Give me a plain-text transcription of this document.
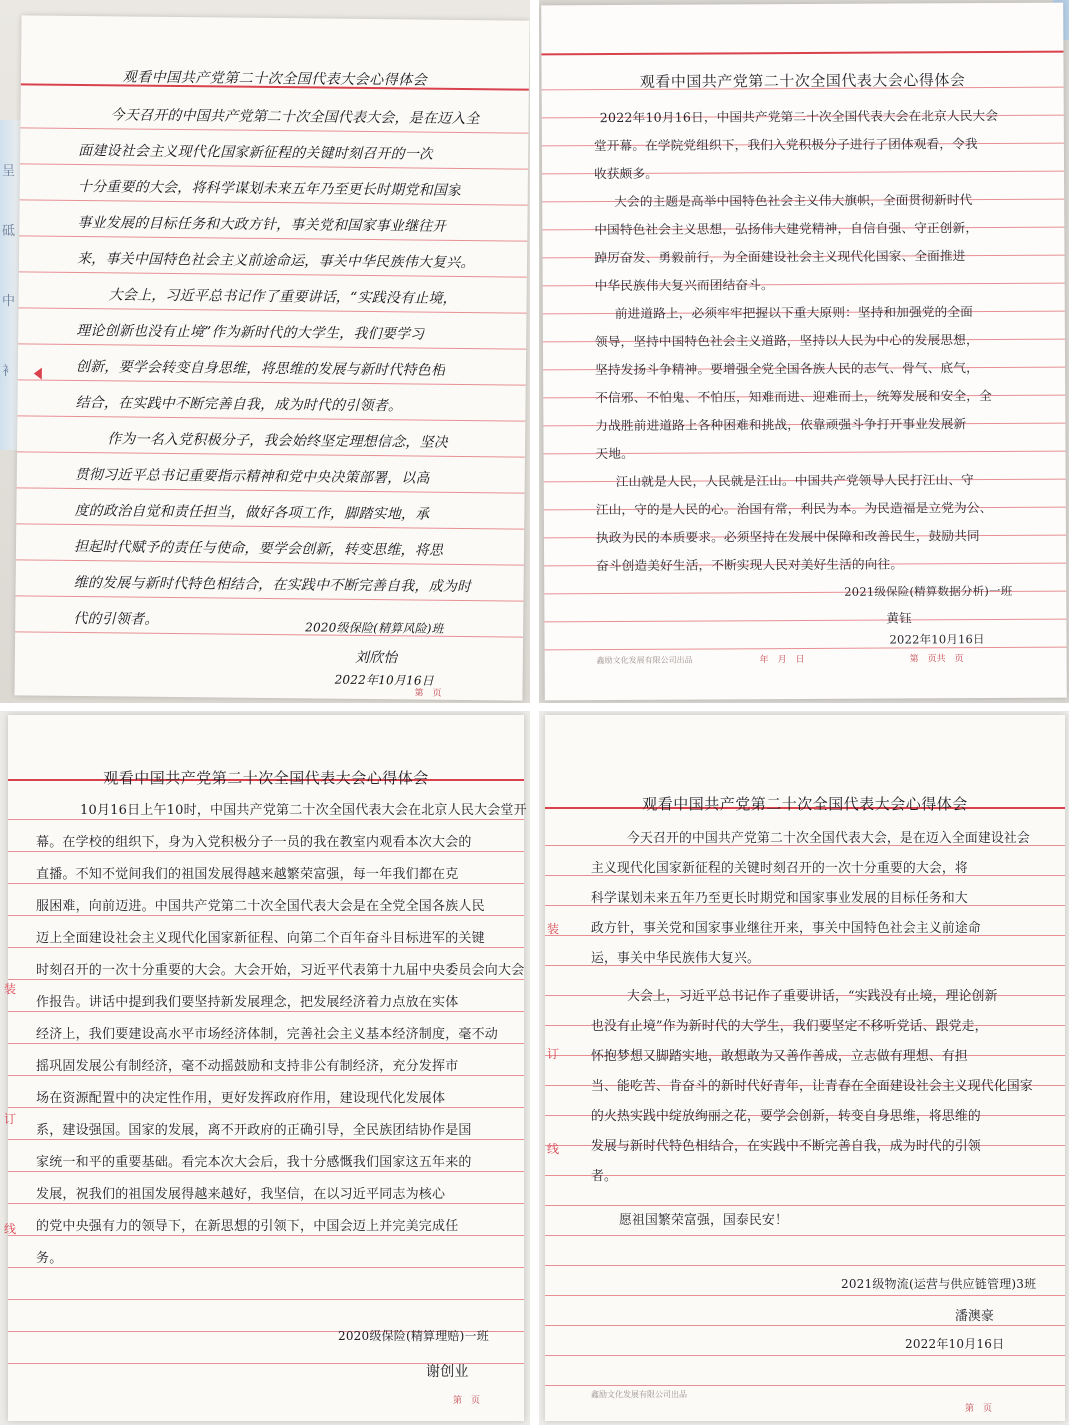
呈
砥
中
衤
观看中国共产党第二十次全国代表大会心得体会
今天召开的中国共产党第二十次全国代表大会，是在迈入全
面建设社会主义现代化国家新征程的关键时刻召开的一次
十分重要的大会，将科学谋划未来五年乃至更长时期党和国家
事业发展的目标任务和大政方针，事关党和国家事业继往开
来，事关中国特色社会主义前途命运，事关中华民族伟大复兴。
大会上，习近平总书记作了重要讲话，“实践没有止境，
理论创新也没有止境”作为新时代的大学生，我们要学习
创新，要学会转变自身思维，将思维的发展与新时代特色相
结合，在实践中不断完善自我，成为时代的引领者。
作为一名入党积极分子，我会始终坚定理想信念，坚决
贯彻习近平总书记重要指示精神和党中央决策部署，以高
度的政治自觉和责任担当，做好各项工作，脚踏实地，承
担起时代赋予的责任与使命，要学会创新，转变思维，将思
维的发展与新时代特色相结合，在实践中不断完善自我，成为时
代的引领者。
2020级保险(精算风险)班
刘欣怡
2022年10月16日
第　页
观看中国共产党第二十次全国代表大会心得体会
2022年10月16日，中国共产党第二十次全国代表大会在北京人民大会
堂开幕。在学院党组织下，我们入党积极分子进行了团体观看，令我
收获颇多。
大会的主题是高举中国特色社会主义伟大旗帜，全面贯彻新时代
中国特色社会主义思想，弘扬伟大建党精神，自信自强、守正创新，
踔厉奋发、勇毅前行，为全面建设社会主义现代化国家、全面推进
中华民族伟大复兴而团结奋斗。
前进道路上，必须牢牢把握以下重大原则：坚持和加强党的全面
领导，坚持中国特色社会主义道路，坚持以人民为中心的发展思想，
坚持发扬斗争精神。要增强全党全国各族人民的志气、骨气、底气，
不信邪、不怕鬼、不怕压，知难而进、迎难而上，统筹发展和安全，全
力战胜前进道路上各种困难和挑战，依靠顽强斗争打开事业发展新
天地。
江山就是人民，人民就是江山。中国共产党领导人民打江山、守
江山，守的是人民的心。治国有常，利民为本。为民造福是立党为公、
执政为民的本质要求。必须坚持在发展中保障和改善民生，鼓励共同
奋斗创造美好生活，不断实现人民对美好生活的向往。
2021级保险(精算数据分析)一班
黄钰
2022年10月16日
鑫励文化发展有限公司出品	年　月　日	第　页共　页
装
订
线
观看中国共产党第二十次全国代表大会心得体会
10月16日上午10时，中国共产党第二十次全国代表大会在北京人民大会堂开
幕。在学校的组织下，身为入党积极分子一员的我在教室内观看本次大会的
直播。不知不觉间我们的祖国发展得越来越繁荣富强，每一年我们都在克
服困难，向前迈进。中国共产党第二十次全国代表大会是在全党全国各族人民
迈上全面建设社会主义现代化国家新征程、向第二个百年奋斗目标进军的关键
时刻召开的一次十分重要的大会。大会开始，习近平代表第十九届中央委员会向大会
作报告。讲话中提到我们要坚持新发展理念，把发展经济着力点放在实体
经济上，我们要建设高水平市场经济体制，完善社会主义基本经济制度，毫不动
摇巩固发展公有制经济，毫不动摇鼓励和支持非公有制经济，充分发挥市
场在资源配置中的决定性作用，更好发挥政府作用，建设现代化发展体
系，建设强国。国家的发展，离不开政府的正确引导，全民族团结协作是国
家统一和平的重要基础。看完本次大会后，我十分感慨我们国家这五年来的
发展，祝我们的祖国发展得越来越好，我坚信，在以习近平同志为核心
的党中央强有力的领导下，在新思想的引领下，中国会迈上并完美完成任
务。
2020级保险(精算理赔)一班
谢创业
第　页
装
订
线
观看中国共产党第二十次全国代表大会心得体会
今天召开的中国共产党第二十次全国代表大会，是在迈入全面建设社会
主义现代化国家新征程的关键时刻召开的一次十分重要的大会，将
科学谋划未来五年乃至更长时期党和国家事业发展的目标任务和大
政方针，事关党和国家事业继往开来，事关中国特色社会主义前途命
运，事关中华民族伟大复兴。
大会上，习近平总书记作了重要讲话，“实践没有止境，理论创新
也没有止境”作为新时代的大学生，我们要坚定不移听党话、跟党走，
怀抱梦想又脚踏实地，敢想敢为又善作善成，立志做有理想、有担
当、能吃苦、肯奋斗的新时代好青年，让青春在全面建设社会主义现代化国家
的火热实践中绽放绚丽之花，要学会创新，转变自身思维，将思维的
发展与新时代特色相结合，在实践中不断完善自我，成为时代的引领
者。
愿祖国繁荣富强，国泰民安！
2021级物流(运营与供应链管理)3班
潘澳豪
2022年10月16日
鑫励文化发展有限公司出品
第　页
